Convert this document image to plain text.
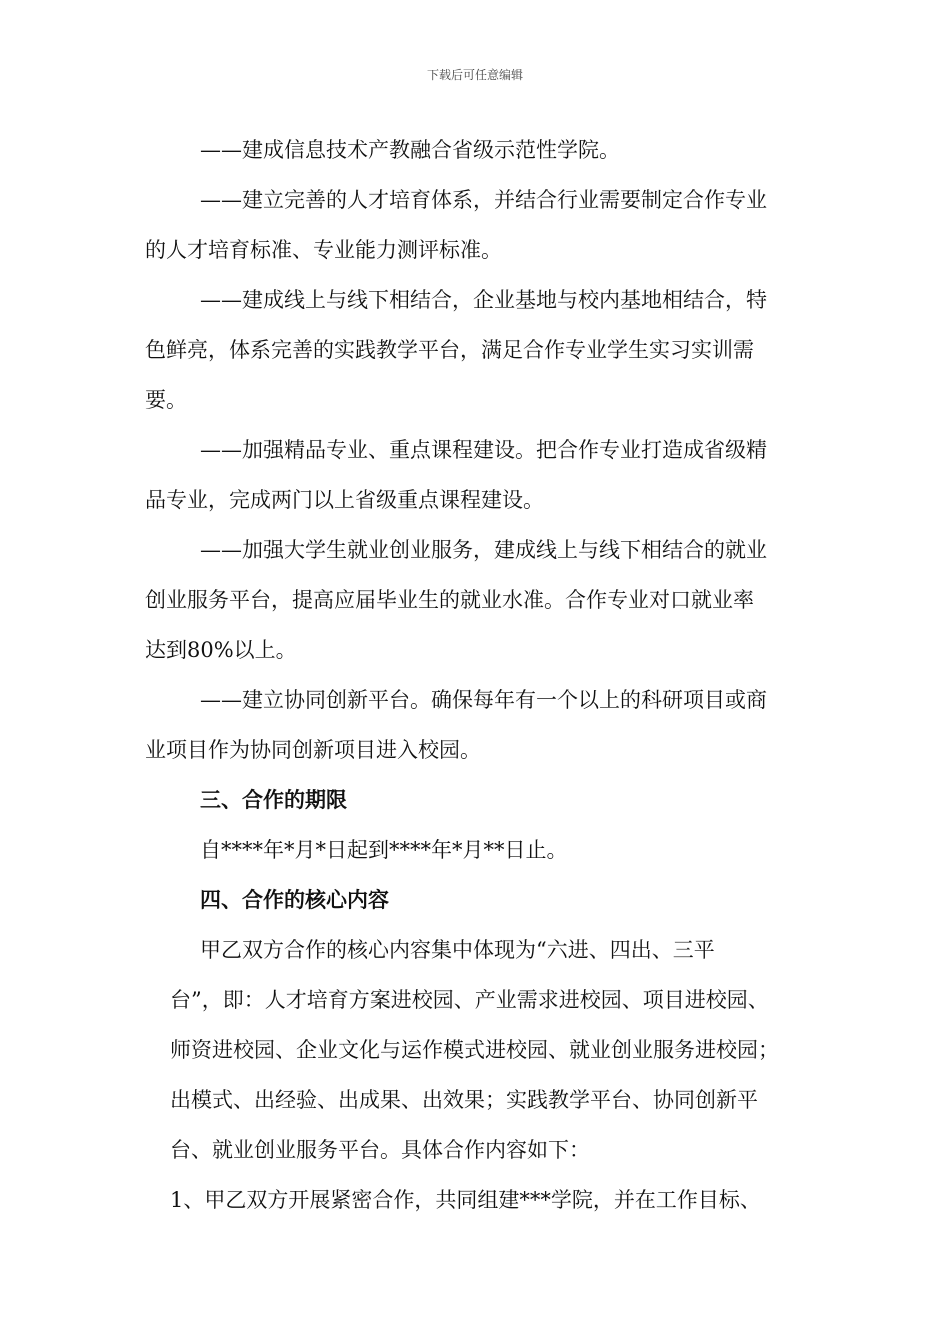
下载后可任意编辑
——建成信息技术产教融合省级示范性学院。
——建立完善的人才培育体系，并结合行业需要制定合作专业
的人才培育标准、专业能力测评标准。
——建成线上与线下相结合，企业基地与校内基地相结合，特
色鲜亮，体系完善的实践教学平台，满足合作专业学生实习实训需
要。
——加强精品专业、重点课程建设。把合作专业打造成省级精
品专业，完成两门以上省级重点课程建设。
——加强大学生就业创业服务，建成线上与线下相结合的就业
创业服务平台，提高应届毕业生的就业水准。合作专业对口就业率
达到80%以上。
——建立协同创新平台。确保每年有一个以上的科研项目或商
业项目作为协同创新项目进入校园。
三、合作的期限
自****年*月*日起到****年*月**日止。
四、合作的核心内容
甲乙双方合作的核心内容集中体现为“六进、四出、三平
台”，即：人才培育方案进校园、产业需求进校园、项目进校园、
师资进校园、企业文化与运作模式进校园、就业创业服务进校园；
出模式、出经验、出成果、出效果；实践教学平台、协同创新平
台、就业创业服务平台。具体合作内容如下：
1、甲乙双方开展紧密合作，共同组建***学院，并在工作目标、
